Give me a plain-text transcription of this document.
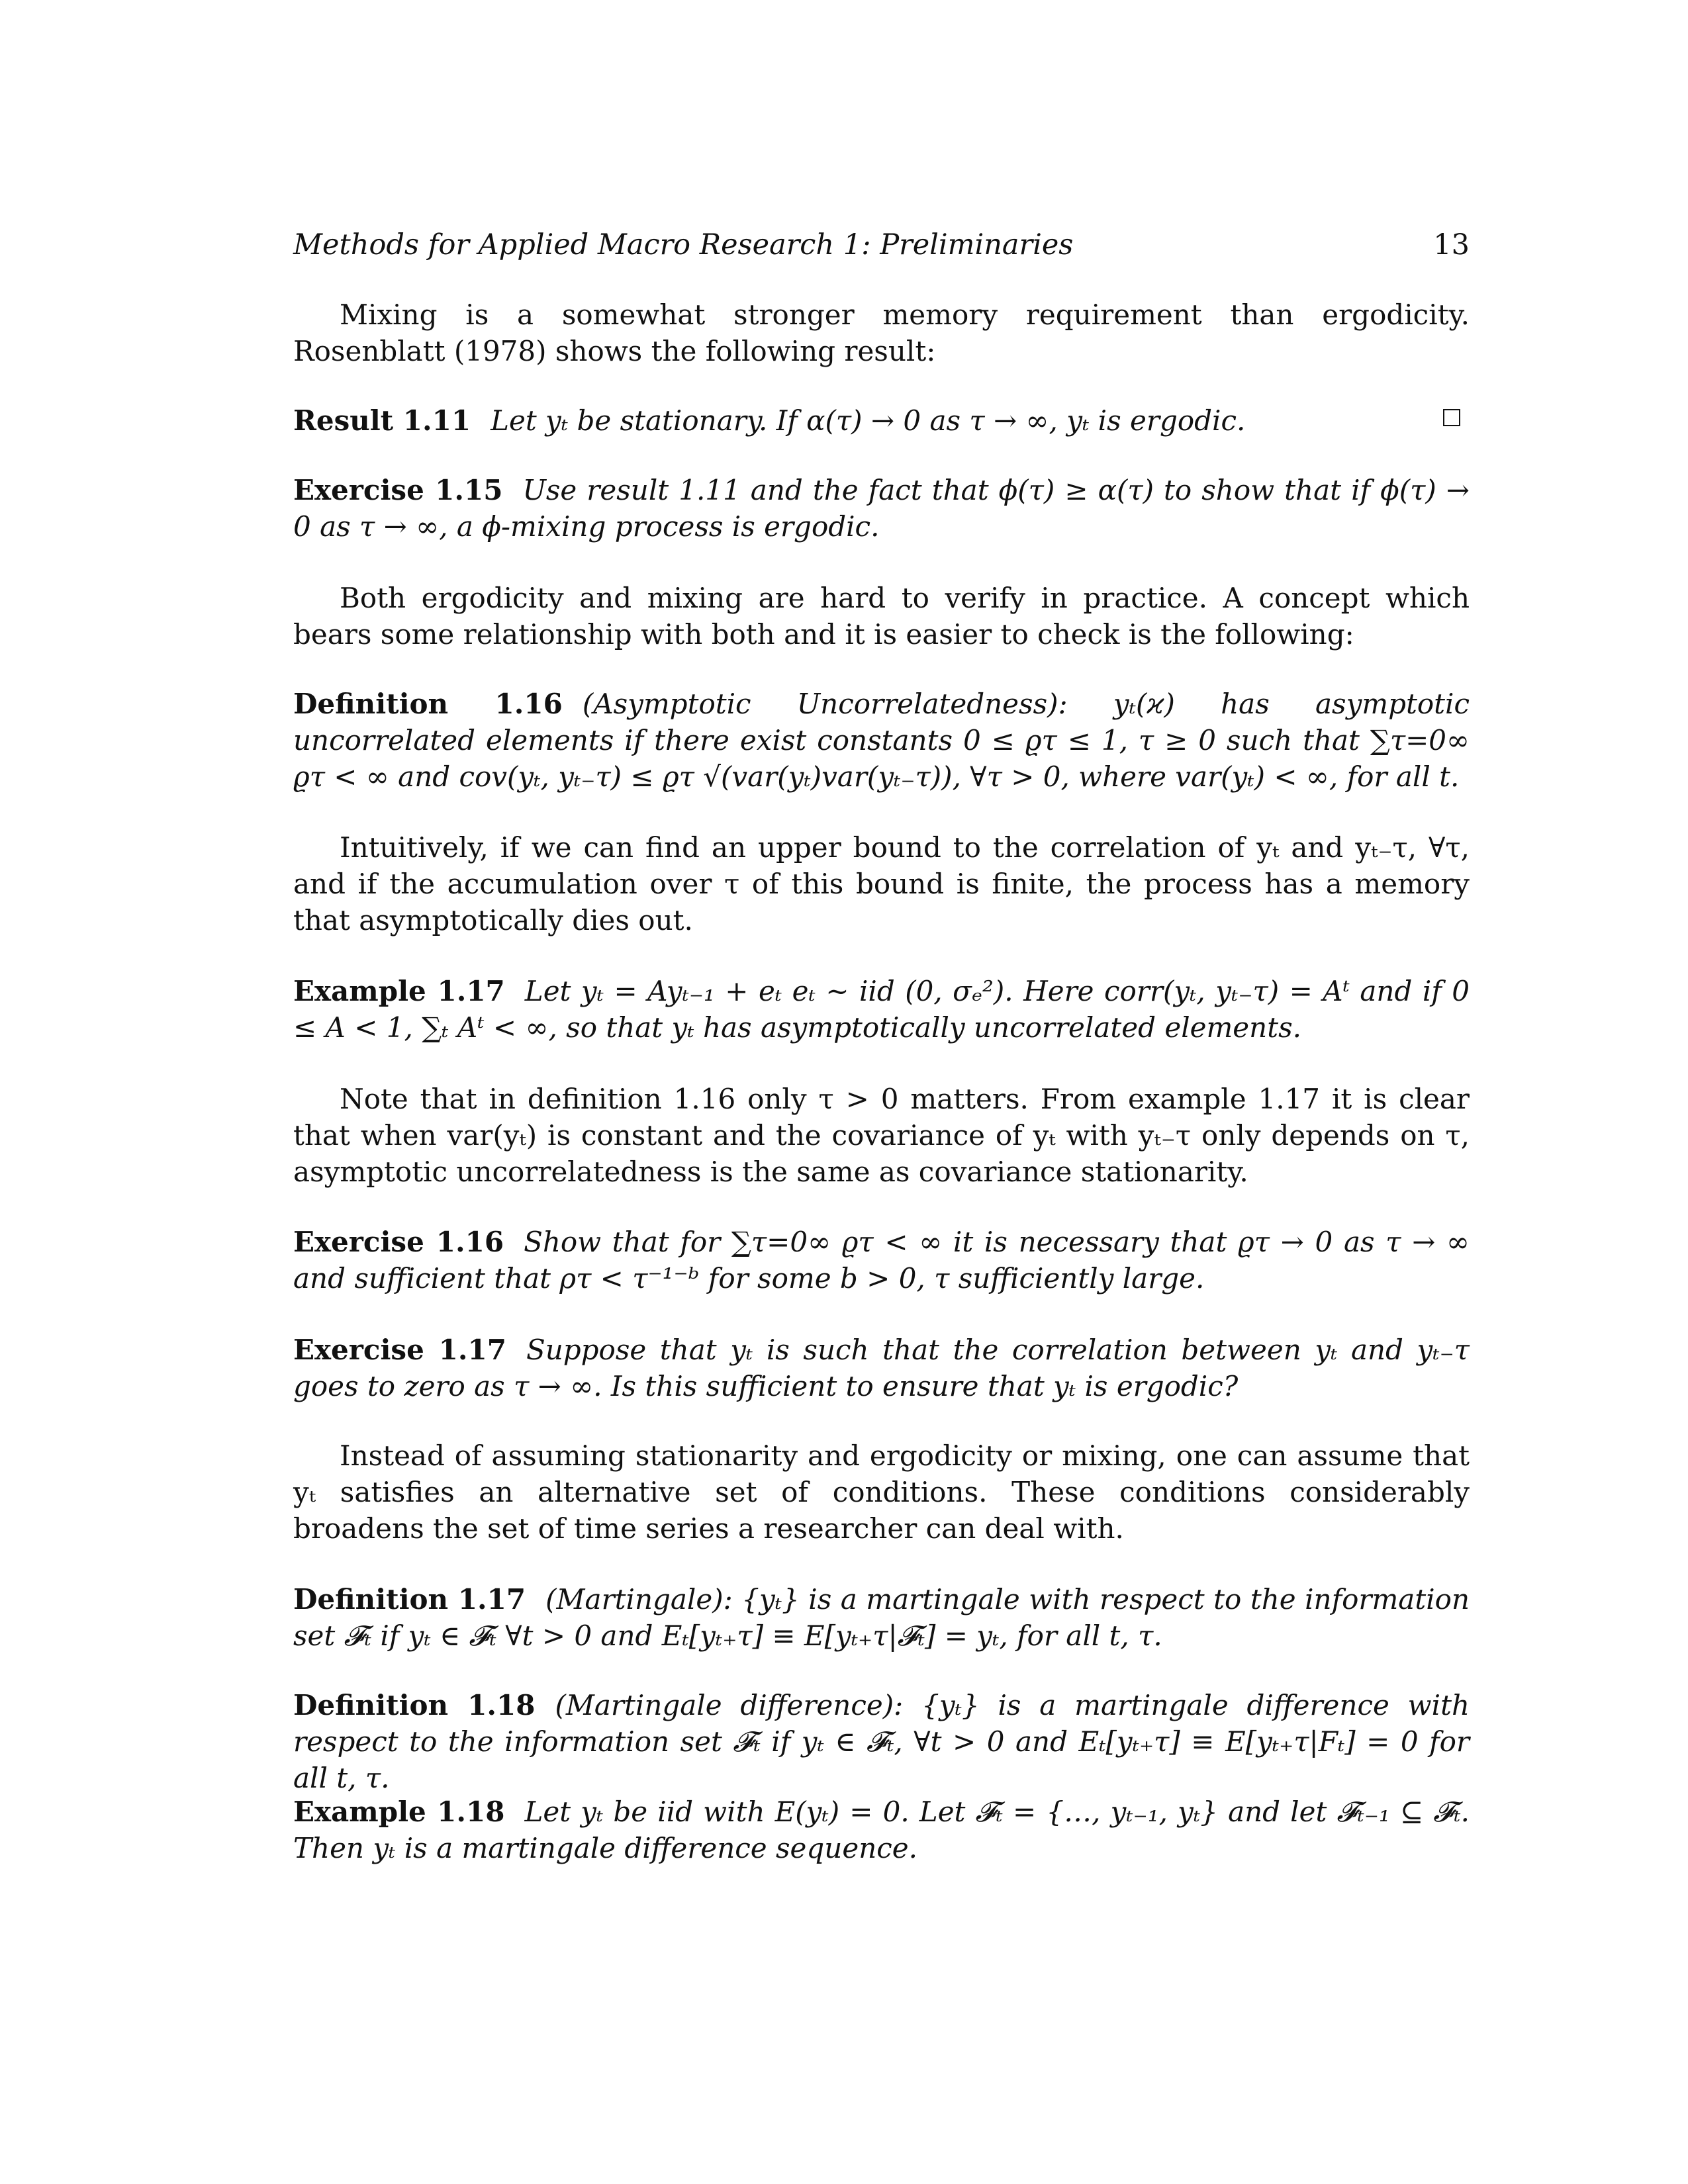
Methods for Applied Macro Research 1: Preliminaries	13

Mixing is a somewhat stronger memory requirement than ergodicity. Rosenblatt (1978) shows the following result:

Result 1.11 Let yₜ be stationary. If α(τ) → 0 as τ → ∞, yₜ is ergodic.

Exercise 1.15 Use result 1.11 and the fact that ϕ(τ) ≥ α(τ) to show that if ϕ(τ) → 0 as τ → ∞, a ϕ-mixing process is ergodic.

Both ergodicity and mixing are hard to verify in practice. A concept which bears some relationship with both and it is easier to check is the following:

Definition 1.16 (Asymptotic Uncorrelatedness): yₜ(ϰ) has asymptotic uncorrelated elements if there exist constants 0 ≤ ϱτ ≤ 1, τ ≥ 0 such that ∑τ=0∞ ϱτ < ∞ and cov(yₜ, yₜ₋τ) ≤ ϱτ √(var(yₜ)var(yₜ₋τ)), ∀τ > 0, where var(yₜ) < ∞, for all t.

Intuitively, if we can find an upper bound to the correlation of yₜ and yₜ₋τ, ∀τ, and if the accumulation over τ of this bound is finite, the process has a memory that asymptotically dies out.

Example 1.17 Let yₜ = Ayₜ₋₁ + eₜ eₜ ∼ iid (0, σₑ²). Here corr(yₜ, yₜ₋τ) = Aᵗ and if 0 ≤ A < 1, ∑ₜ Aᵗ < ∞, so that yₜ has asymptotically uncorrelated elements.

Note that in definition 1.16 only τ > 0 matters. From example 1.17 it is clear that when var(yₜ) is constant and the covariance of yₜ with yₜ₋τ only depends on τ, asymptotic uncorrelatedness is the same as covariance stationarity.

Exercise 1.16 Show that for ∑τ=0∞ ϱτ < ∞ it is necessary that ϱτ → 0 as τ → ∞ and sufficient that ρτ < τ⁻¹⁻ᵇ for some b > 0, τ sufficiently large.

Exercise 1.17 Suppose that yₜ is such that the correlation between yₜ and yₜ₋τ goes to zero as τ → ∞. Is this sufficient to ensure that yₜ is ergodic?

Instead of assuming stationarity and ergodicity or mixing, one can assume that yₜ satisfies an alternative set of conditions. These conditions considerably broadens the set of time series a researcher can deal with.

Definition 1.17 (Martingale): {yₜ} is a martingale with respect to the information set 𝓕ₜ if yₜ ∈ 𝓕ₜ ∀t > 0 and Eₜ[yₜ₊τ] ≡ E[yₜ₊τ|𝓕ₜ] = yₜ, for all t, τ.

Definition 1.18 (Martingale difference): {yₜ} is a martingale difference with respect to the information set 𝓕ₜ if yₜ ∈ 𝓕ₜ, ∀t > 0 and Eₜ[yₜ₊τ] ≡ E[yₜ₊τ|Fₜ] = 0 for all t, τ.

Example 1.18 Let yₜ be iid with E(yₜ) = 0. Let 𝓕ₜ = {…, yₜ₋₁, yₜ} and let 𝓕ₜ₋₁ ⊆ 𝓕ₜ. Then yₜ is a martingale difference sequence.
